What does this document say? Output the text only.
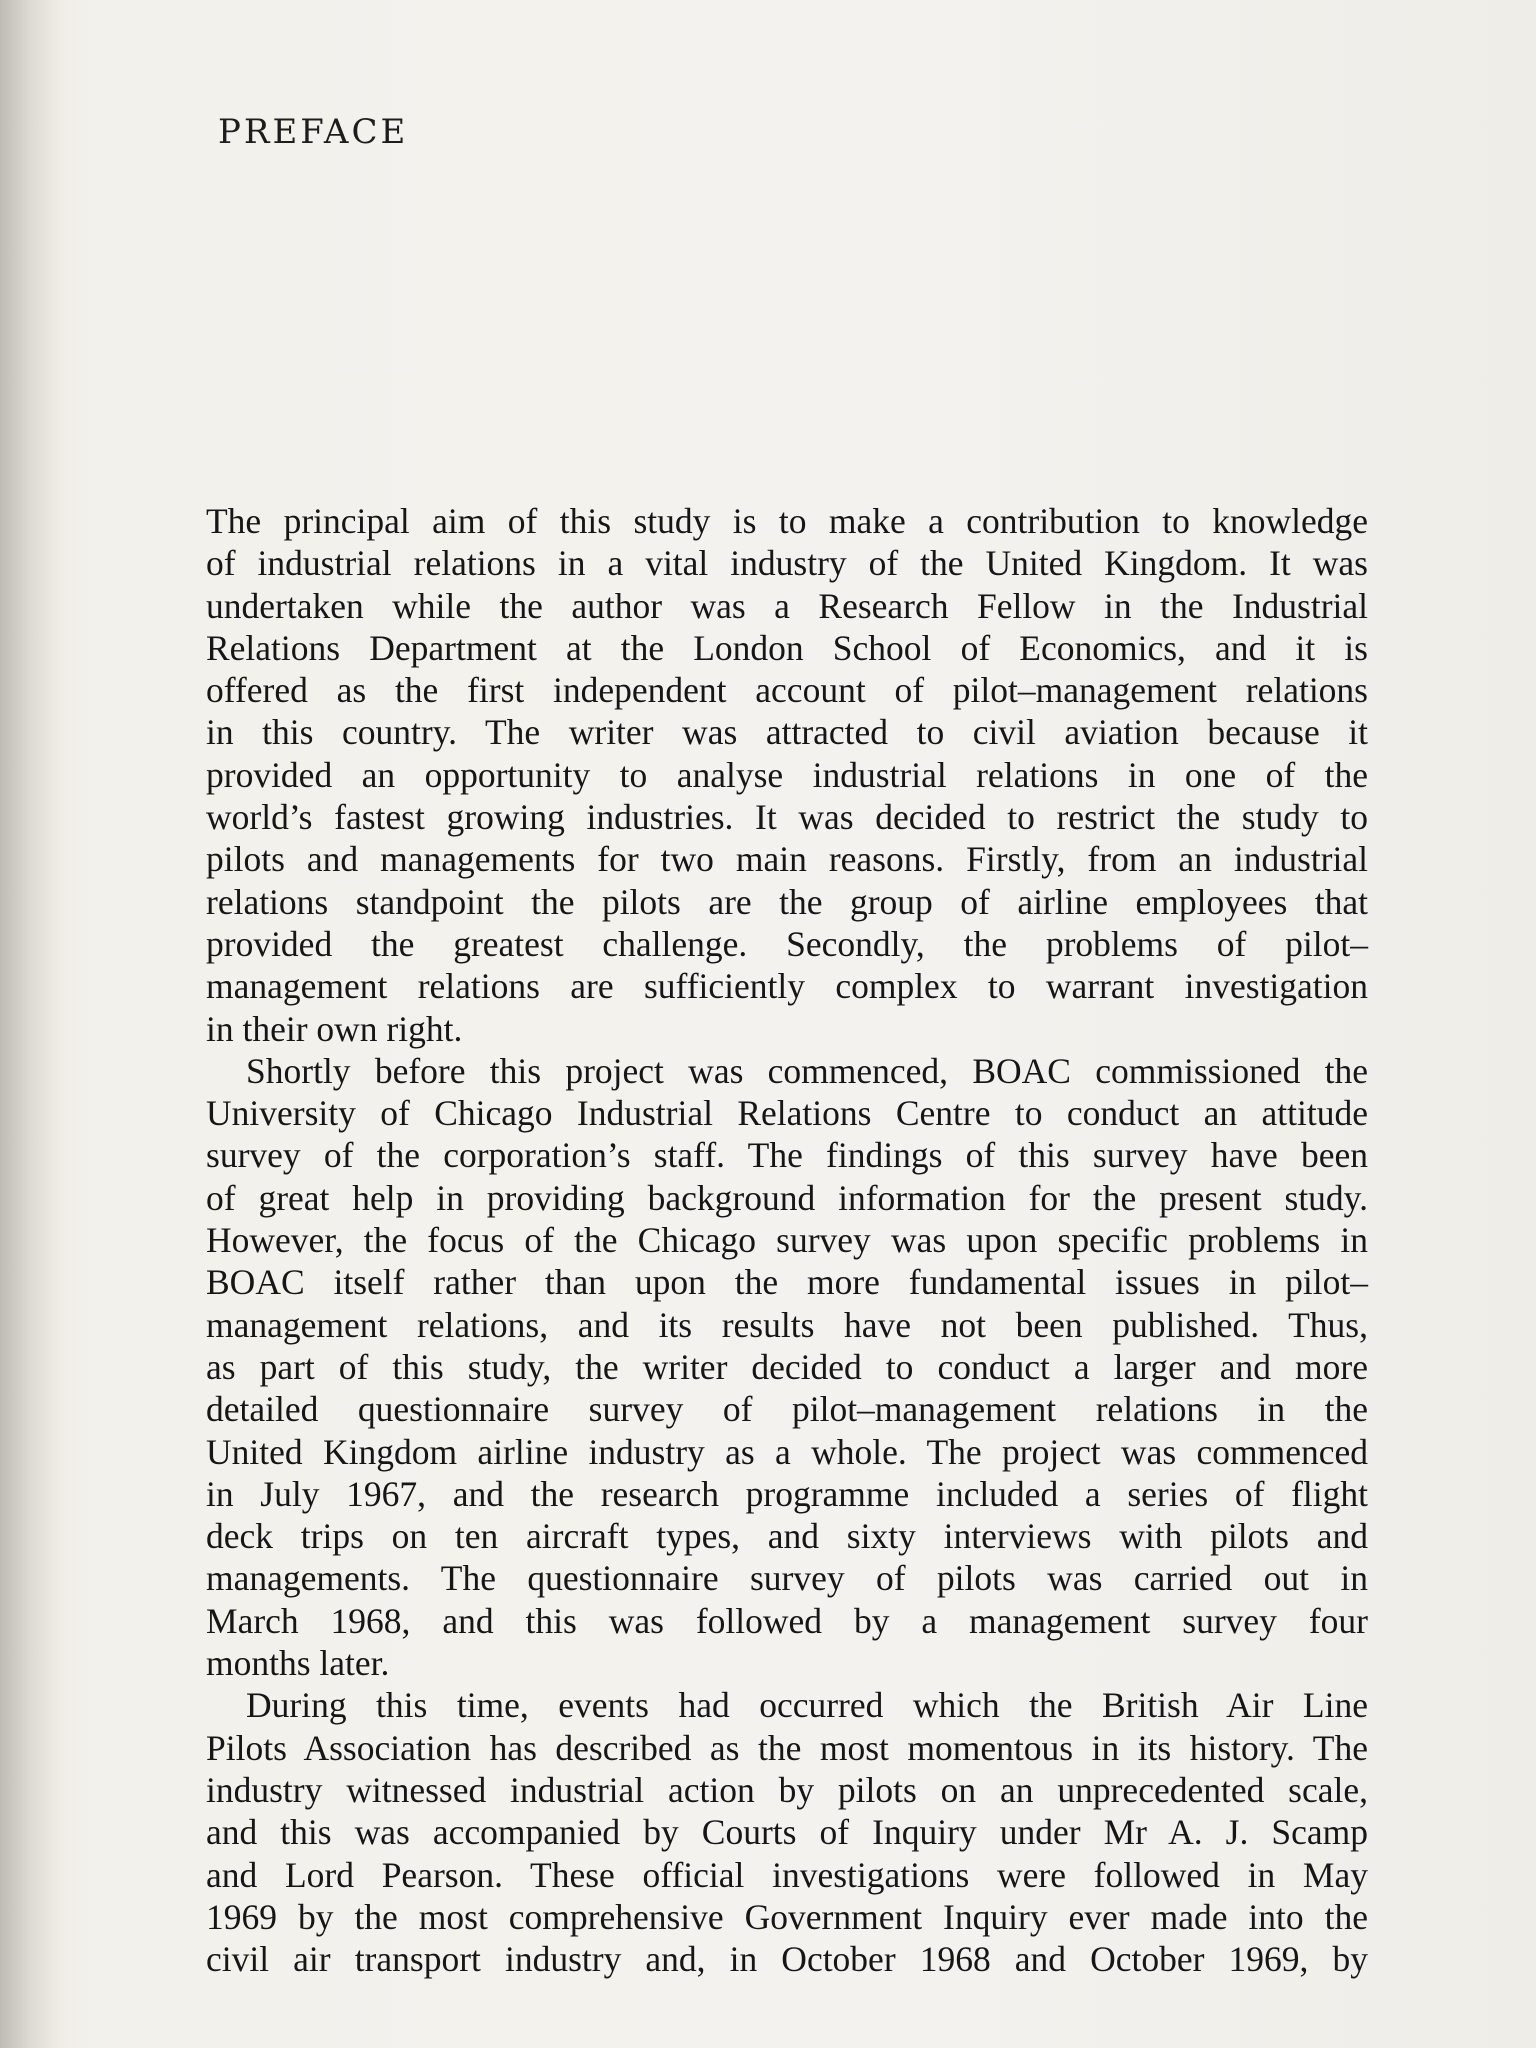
PREFACE
The principal aim of this study is to make a contribution to knowledge
of industrial relations in a vital industry of the United Kingdom. It was
undertaken while the author was a Research Fellow in the Industrial
Relations Department at the London School of Economics, and it is
offered as the first independent account of pilot–management relations
in this country. The writer was attracted to civil aviation because it
provided an opportunity to analyse industrial relations in one of the
world’s fastest growing industries. It was decided to restrict the study to
pilots and managements for two main reasons. Firstly, from an industrial
relations standpoint the pilots are the group of airline employees that
provided the greatest challenge. Secondly, the problems of pilot–
management relations are sufficiently complex to warrant investigation
in their own right.
Shortly before this project was commenced, BOAC commissioned the
University of Chicago Industrial Relations Centre to conduct an attitude
survey of the corporation’s staff. The findings of this survey have been
of great help in providing background information for the present study.
However, the focus of the Chicago survey was upon specific problems in
BOAC itself rather than upon the more fundamental issues in pilot–
management relations, and its results have not been published. Thus,
as part of this study, the writer decided to conduct a larger and more
detailed questionnaire survey of pilot–management relations in the
United Kingdom airline industry as a whole. The project was commenced
in July 1967, and the research programme included a series of flight
deck trips on ten aircraft types, and sixty interviews with pilots and
managements. The questionnaire survey of pilots was carried out in
March 1968, and this was followed by a management survey four
months later.
During this time, events had occurred which the British Air Line
Pilots Association has described as the most momentous in its history. The
industry witnessed industrial action by pilots on an unprecedented scale,
and this was accompanied by Courts of Inquiry under Mr A. J. Scamp
and Lord Pearson. These official investigations were followed in May
1969 by the most comprehensive Government Inquiry ever made into the
civil air transport industry and, in October 1968 and October 1969, by
